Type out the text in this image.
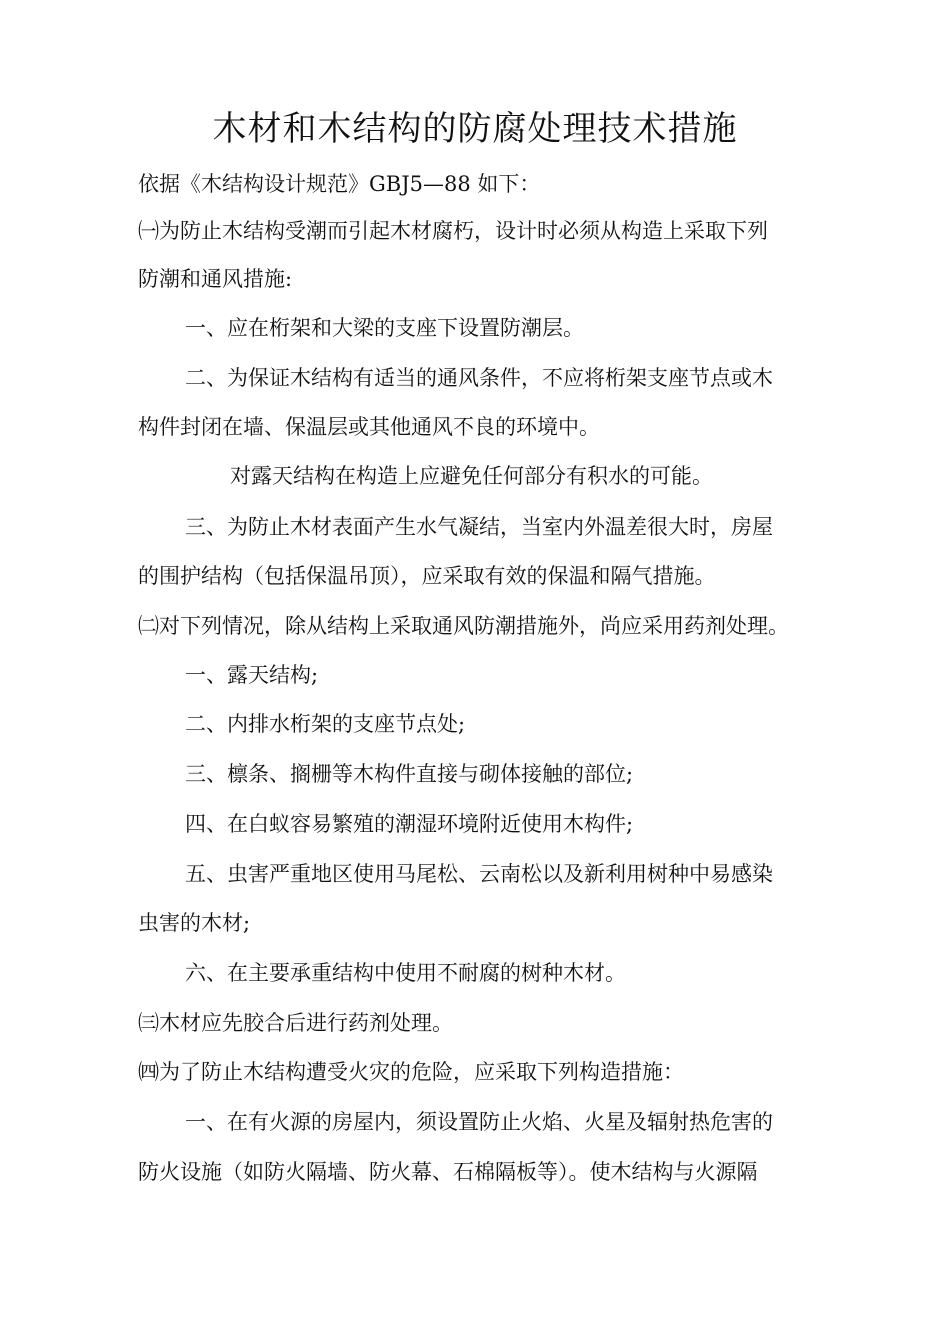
木材和木结构的防腐处理技术措施

依据《木结构设计规范》GBJ5—88 如下：

㈠为防止木结构受潮而引起木材腐朽，设计时必须从构造上采取下列

防潮和通风措施:

一、应在桁架和大梁的支座下设置防潮层。

二、为保证木结构有适当的通风条件，不应将桁架支座节点或木

构件封闭在墙、保温层或其他通风不良的环境中。

对露天结构在构造上应避免任何部分有积水的可能。

三、为防止木材表面产生水气凝结，当室内外温差很大时，房屋

的围护结构（包括保温吊顶），应采取有效的保温和隔气措施。

㈡对下列情况，除从结构上采取通风防潮措施外，尚应采用药剂处理。

一、露天结构;

二、内排水桁架的支座节点处;

三、檩条、搁栅等木构件直接与砌体接触的部位;

四、在白蚁容易繁殖的潮湿环境附近使用木构件;

五、虫害严重地区使用马尾松、云南松以及新利用树种中易感染

虫害的木材;

六、在主要承重结构中使用不耐腐的树种木材。

㈢木材应先胶合后进行药剂处理。

㈣为了防止木结构遭受火灾的危险，应采取下列构造措施：

一、在有火源的房屋内，须设置防止火焰、火星及辐射热危害的

防火设施（如防火隔墙、防火幕、石棉隔板等）。使木结构与火源隔
